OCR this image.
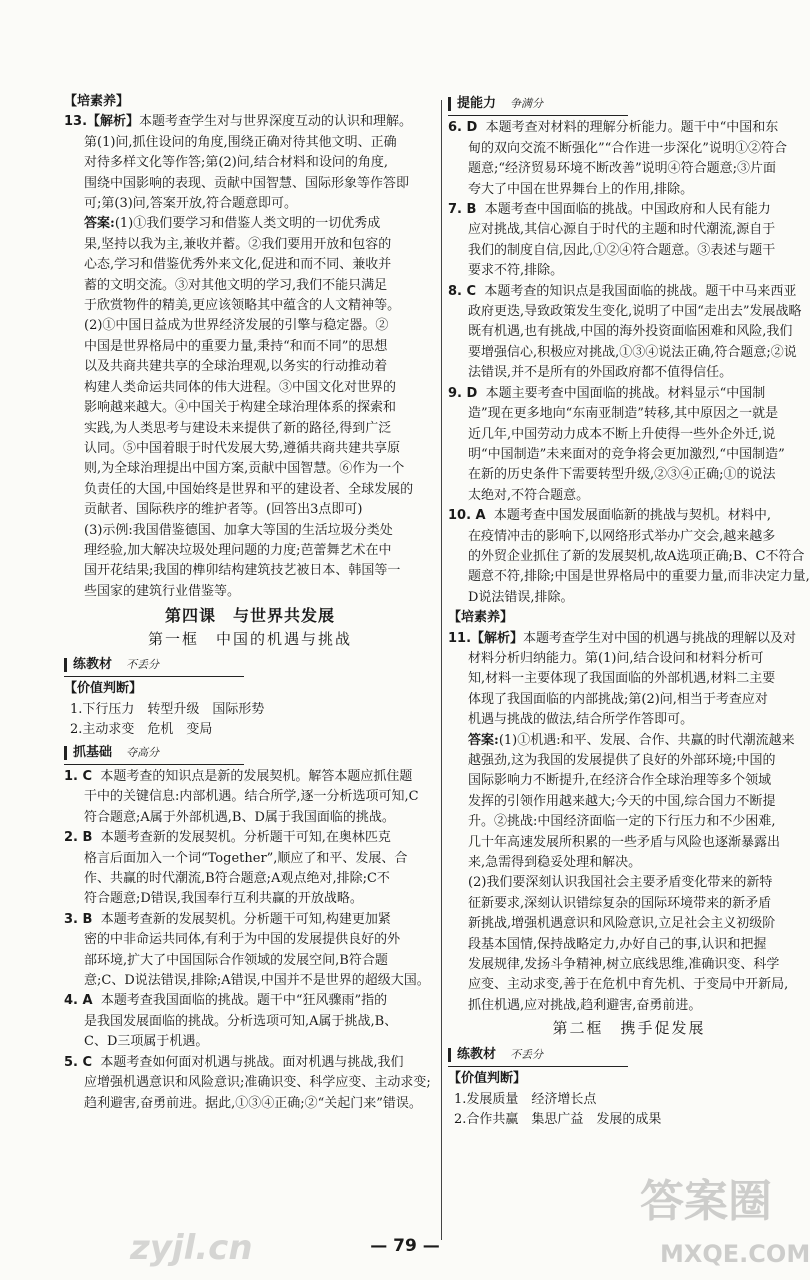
【培素养】

13.【解析】本题考查学生对与世界深度互动的认识和理解。

第(1)问,抓住设问的角度,围绕正确对待其他文明、正确

对待多样文化等作答;第(2)问,结合材料和设问的角度,

围绕中国影响的表现、贡献中国智慧、国际形象等作答即

可;第(3)问,答案开放,符合题意即可。

答案:(1)①我们要学习和借鉴人类文明的一切优秀成

果,坚持以我为主,兼收并蓄。②我们要用开放和包容的

心态,学习和借鉴优秀外来文化,促进和而不同、兼收并

蓄的文明交流。③对其他文明的学习,我们不能只满足

于欣赏物件的精美,更应该领略其中蕴含的人文精神等。

(2)①中国日益成为世界经济发展的引擎与稳定器。②

中国是世界格局中的重要力量,秉持“和而不同”的思想

以及共商共建共享的全球治理观,以务实的行动推动着

构建人类命运共同体的伟大进程。③中国文化对世界的

影响越来越大。④中国关于构建全球治理体系的探索和

实践,为人类思考与建设未来提供了新的路径,得到广泛

认同。⑤中国着眼于时代发展大势,遵循共商共建共享原

则,为全球治理提出中国方案,贡献中国智慧。⑥作为一个

负责任的大国,中国始终是世界和平的建设者、全球发展的

贡献者、国际秩序的维护者等。(回答出3点即可)

(3)示例:我国借鉴德国、加拿大等国的生活垃圾分类处

理经验,加大解决垃圾处理问题的力度;芭蕾舞艺术在中

国开花结果;我国的榫卯结构建筑技艺被日本、韩国等一

些国家的建筑行业借鉴等。

第四课　与世界共发展
第一框　中国的机遇与挑战
练教材 不丢分
【价值判断】

1.下行压力　转型升级　国际形势

2.主动求变　危机　变局

抓基础 夺高分

1. C 本题考查的知识点是新的发展契机。解答本题应抓住题

干中的关键信息:内部机遇。结合所学,逐一分析选项可知,C

符合题意;A属于外部机遇,B、D属于我国面临的挑战。

2. B 本题考查新的发展契机。分析题干可知,在奥林匹克

格言后面加入一个词“Together”,顺应了和平、发展、合

作、共赢的时代潮流,B符合题意;A观点绝对,排除;C不

符合题意;D错误,我国奉行互利共赢的开放战略。

3. B 本题考查新的发展契机。分析题干可知,构建更加紧

密的中非命运共同体,有利于为中国的发展提供良好的外

部环境,扩大了中国国际合作领域的发展空间,B符合题

意;C、D说法错误,排除;A错误,中国并不是世界的超级大国。

4. A 本题考查我国面临的挑战。题干中“狂风骤雨”指的

是我国发展面临的挑战。分析选项可知,A属于挑战,B、

C、D三项属于机遇。

5. C 本题考查如何面对机遇与挑战。面对机遇与挑战,我们

应增强机遇意识和风险意识;准确识变、科学应变、主动求变;

趋利避害,奋勇前进。据此,①③④正确;②“关起门来”错误。

提能力 争满分

6. D 本题考查对材料的理解分析能力。题干中“中国和东

甸的双向交流不断强化”“合作进一步深化”说明①②符合

题意;“经济贸易环境不断改善”说明④符合题意;③片面

夸大了中国在世界舞台上的作用,排除。

7. B 本题考查中国面临的挑战。中国政府和人民有能力

应对挑战,其信心源自于时代的主题和时代潮流,源自于

我们的制度自信,因此,①②④符合题意。③表述与题干

要求不符,排除。

8. C 本题考查的知识点是我国面临的挑战。题干中马来西亚

政府更迭,导致政策发生变化,说明了中国“走出去”发展战略

既有机遇,也有挑战,中国的海外投资面临困难和风险,我们

要增强信心,积极应对挑战,①③④说法正确,符合题意;②说

法错误,并不是所有的外国政府都不值得信任。

9. D 本题主要考查中国面临的挑战。材料显示“中国制

造”现在更多地向“东南亚制造”转移,其中原因之一就是

近几年,中国劳动力成本不断上升使得一些外企外迁,说

明“中国制造”未来面对的竞争将会更加激烈,“中国制造”

在新的历史条件下需要转型升级,②③④正确;①的说法

太绝对,不符合题意。

10. A 本题考查中国发展面临新的挑战与契机。材料中,

在疫情冲击的影响下,以网络形式举办广交会,越来越多

的外贸企业抓住了新的发展契机,故A选项正确;B、C不符合

题意不符,排除;中国是世界格局中的重要力量,而非决定力量,

D说法错误,排除。

【培素养】

11.【解析】本题考查学生对中国的机遇与挑战的理解以及对

材料分析归纳能力。第(1)问,结合设问和材料分析可

知,材料一主要体现了我国面临的外部机遇,材料二主要

体现了我国面临的内部挑战;第(2)问,相当于考查应对

机遇与挑战的做法,结合所学作答即可。

答案:(1)①机遇:和平、发展、合作、共赢的时代潮流越来

越强劲,这为我国的发展提供了良好的外部环境;中国的

国际影响力不断提升,在经济合作全球治理等多个领域

发挥的引领作用越来越大;今天的中国,综合国力不断提

升。②挑战:中国经济面临一定的下行压力和不少困难,

几十年高速发展所积累的一些矛盾与风险也逐渐暴露出

来,急需得到稳妥处理和解决。

(2)我们要深刻认识我国社会主要矛盾变化带来的新特

征新要求,深刻认识错综复杂的国际环境带来的新矛盾

新挑战,增强机遇意识和风险意识,立足社会主义初级阶

段基本国情,保持战略定力,办好自己的事,认识和把握

发展规律,发扬斗争精神,树立底线思维,准确识变、科学

应变、主动求变,善于在危机中育先机、于变局中开新局,

抓住机遇,应对挑战,趋利避害,奋勇前进。

第二框　携手促发展
练教材 不丢分
【价值判断】

1.发展质量　经济增长点

2.合作共赢　集思广益　发展的成果

— 79 —
答案圈
MXQE.COM
zyjl.cn
